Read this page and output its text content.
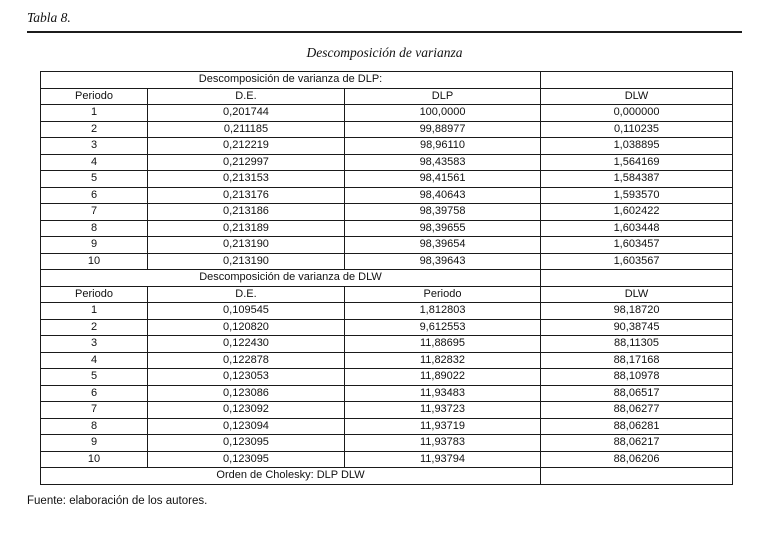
Tabla 8.
Descomposición de varianza
Descomposición de varianza de DLP:			
Periodo	D.E.	DLP	DLW
1	0,201744	100,0000	0,000000
2	0,211185	99,88977	0,110235
3	0,212219	98,96110	1,038895
4	0,212997	98,43583	1,564169
5	0,213153	98,41561	1,584387
6	0,213176	98,40643	1,593570
7	0,213186	98,39758	1,602422
8	0,213189	98,39655	1,603448
9	0,213190	98,39654	1,603457
10	0,213190	98,39643	1,603567
Descomposición de varianza de DLW			
Periodo	D.E.	Periodo	DLW
1	0,109545	1,812803	98,18720
2	0,120820	9,612553	90,38745
3	0,122430	11,88695	88,11305
4	0,122878	11,82832	88,17168
5	0,123053	11,89022	88,10978
6	0,123086	11,93483	88,06517
7	0,123092	11,93723	88,06277
8	0,123094	11,93719	88,06281
9	0,123095	11,93783	88,06217
10	0,123095	11,93794	88,06206
Orden de Cholesky: DLP DLW			
Fuente: elaboración de los autores.
